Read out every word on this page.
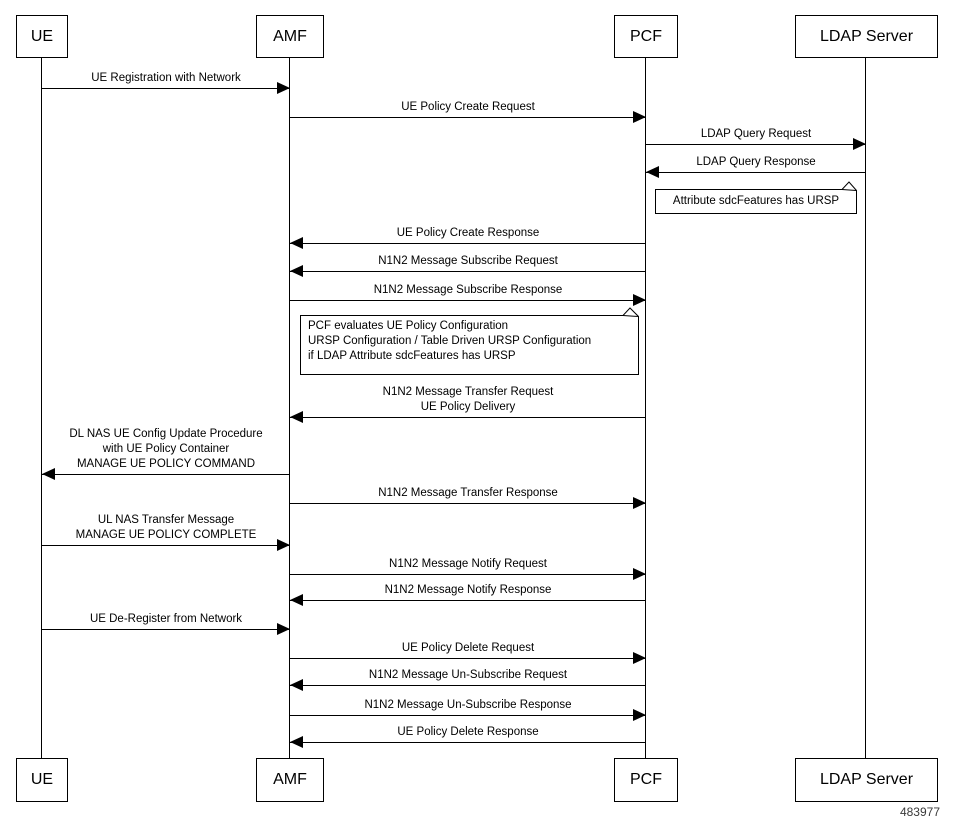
UE	AMF	PCF	LDAP Server
UE Registration with Network
UE Policy Create Request
LDAP Query Request
LDAP Query Response
Attribute sdcFeatures has URSP
UE Policy Create Response
N1N2 Message Subscribe Request
N1N2 Message Subscribe Response
PCF evaluates UE Policy Configuration
URSP Configuration / Table Driven URSP Configuration
if LDAP Attribute sdcFeatures has URSP
N1N2 Message Transfer Request
UE Policy Delivery
DL NAS UE Config Update Procedure
with UE Policy Container
MANAGE UE POLICY COMMAND
N1N2 Message Transfer Response
UL NAS Transfer Message
MANAGE UE POLICY COMPLETE
N1N2 Message Notify Request
N1N2 Message Notify Response
UE De-Register from Network
UE Policy Delete Request
N1N2 Message Un-Subscribe Request
N1N2 Message Un-Subscribe Response
UE Policy Delete Response
UE	AMF	PCF	LDAP Server
483977
